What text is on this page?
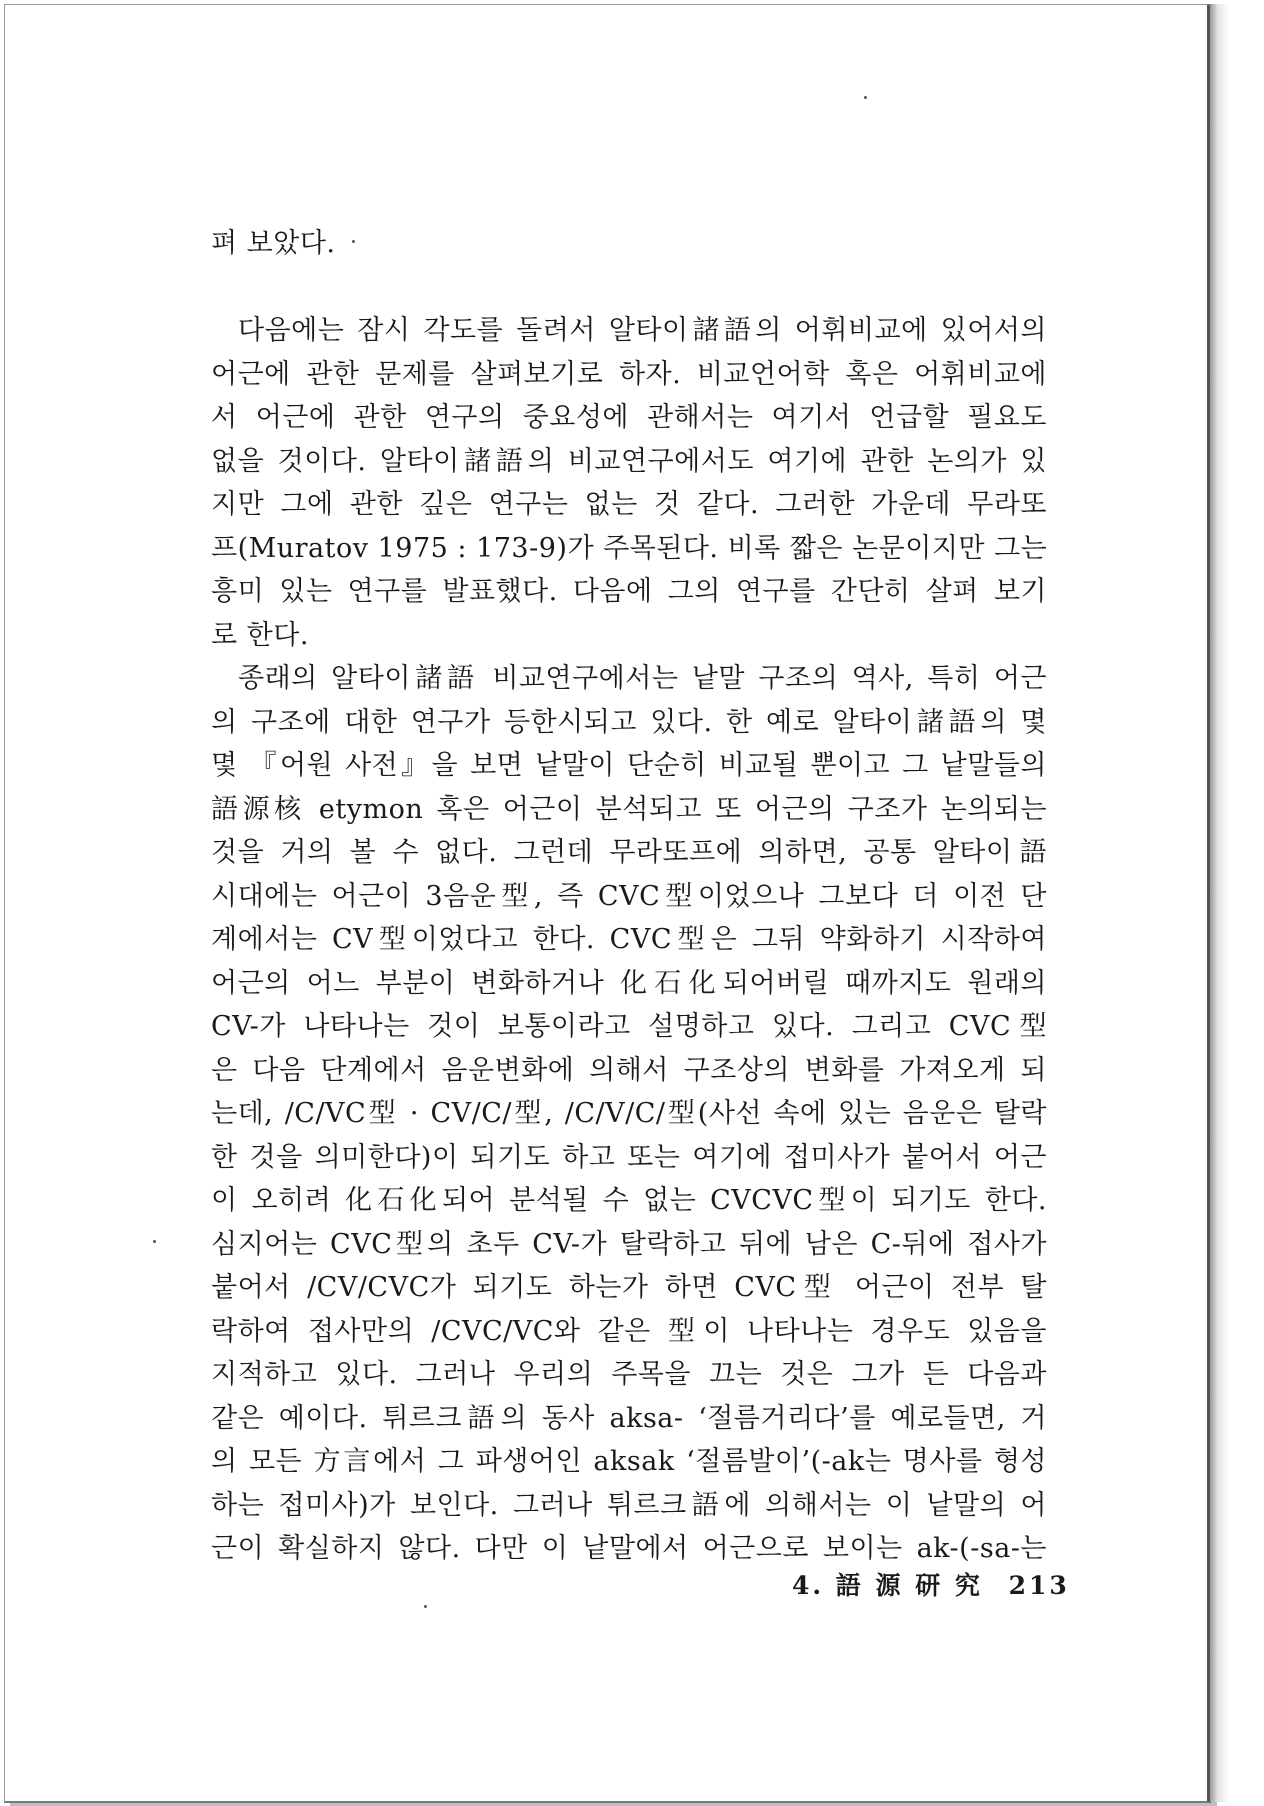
펴 보았다.
다음에는 잠시 각도를 돌려서 알타이諸語의 어휘비교에 있어서의
어근에 관한 문제를 살펴보기로 하자. 비교언어학 혹은 어휘비교에
서 어근에 관한 연구의 중요성에 관해서는 여기서 언급할 필요도
없을 것이다. 알타이諸語의 비교연구에서도 여기에 관한 논의가 있
지만 그에 관한 깊은 연구는 없는 것 같다. 그러한 가운데 무라또
프(Muratov 1975 : 173-9)가 주목된다. 비록 짧은 논문이지만 그는
흥미 있는 연구를 발표했다. 다음에 그의 연구를 간단히 살펴 보기
로 한다.
종래의 알타이諸語 비교연구에서는 낱말 구조의 역사, 특히 어근
의 구조에 대한 연구가 등한시되고 있다. 한 예로 알타이諸語의 몇
몇 『어원 사전』을 보면 낱말이 단순히 비교될 뿐이고 그 낱말들의
語源核 etymon 혹은 어근이 분석되고 또 어근의 구조가 논의되는
것을 거의 볼 수 없다. 그런데 무라또프에 의하면, 공통 알타이語
시대에는 어근이 3음운型, 즉 CVC型이었으나 그보다 더 이전 단
계에서는 CV型이었다고 한다. CVC型은 그뒤 약화하기 시작하여
어근의 어느 부분이 변화하거나 化石化되어버릴 때까지도 원래의
CV-가 나타나는 것이 보통이라고 설명하고 있다. 그리고 CVC型
은 다음 단계에서 음운변화에 의해서 구조상의 변화를 가져오게 되
는데, /C/VC型 · CV/C/型, /C/V/C/型(사선 속에 있는 음운은 탈락
한 것을 의미한다)이 되기도 하고 또는 여기에 접미사가 붙어서 어근
이 오히려 化石化되어 분석될 수 없는 CVCVC型이 되기도 한다.
심지어는 CVC型의 초두 CV-가 탈락하고 뒤에 남은 C-뒤에 접사가
붙어서 /CV/CVC가 되기도 하는가 하면 CVC型 어근이 전부 탈
락하여 접사만의 /CVC/VC와 같은 型이 나타나는 경우도 있음을
지적하고 있다. 그러나 우리의 주목을 끄는 것은 그가 든 다음과
같은 예이다. 튀르크語의 동사 aksa- ‘절름거리다’를 예로들면, 거
의 모든 方言에서 그 파생어인 aksak ‘절름발이’(-ak는 명사를 형성
하는 접미사)가 보인다. 그러나 튀르크語에 의해서는 이 낱말의 어
근이 확실하지 않다. 다만 이 낱말에서 어근으로 보이는 ak-(-sa-는
4. 語 源 研 究 213
